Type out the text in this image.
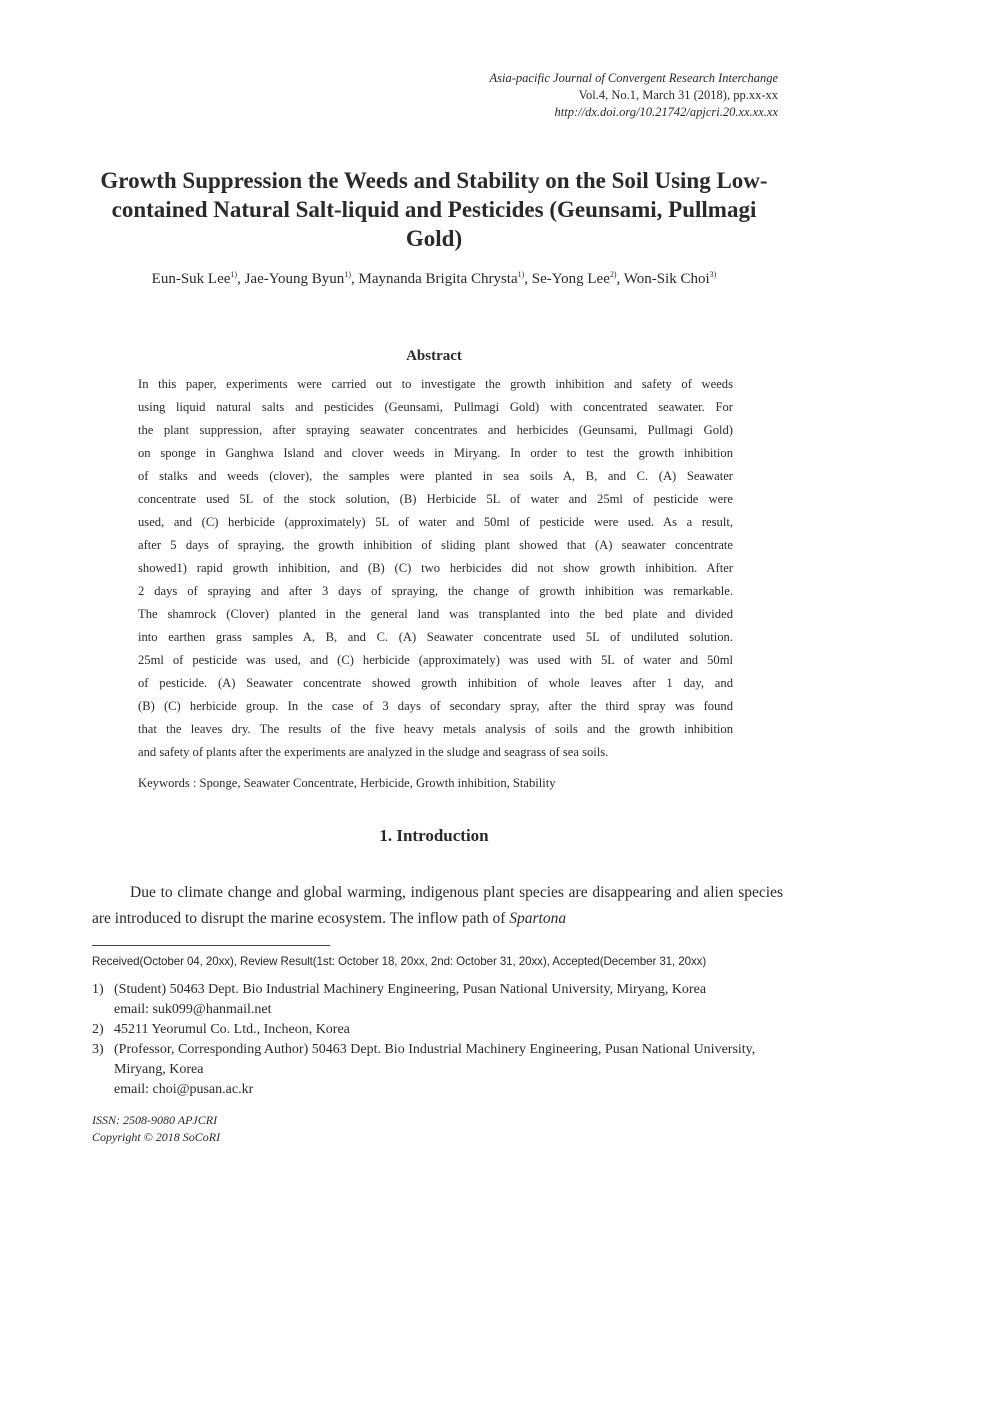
Asia-pacific Journal of Convergent Research Interchange
Vol.4, No.1, March 31 (2018), pp.xx-xx
http://dx.doi.org/10.21742/apjcri.20.xx.xx.xx
Growth Suppression the Weeds and Stability on the Soil Using Low-contained Natural Salt-liquid and Pesticides (Geunsami, Pullmagi Gold)
Eun-Suk Lee$^{1)}$, Jae-Young Byun$^{1)}$, Maynanda Brigita Chrysta$^{1)}$, Se-Yong Lee$^{2)}$, Won-Sik Choi$^{3)}$
Abstract
In this paper, experiments were carried out to investigate the growth inhibition and safety of weeds
using liquid natural salts and pesticides (Geunsami, Pullmagi Gold) with concentrated seawater. For
the plant suppression, after spraying seawater concentrates and herbicides (Geunsami, Pullmagi Gold)
on sponge in Ganghwa Island and clover weeds in Miryang. In order to test the growth inhibition
of stalks and weeds (clover), the samples were planted in sea soils A, B, and C. (A) Seawater
concentrate used 5L of the stock solution, (B) Herbicide 5L of water and 25ml of pesticide were
used, and (C) herbicide (approximately) 5L of water and 50ml of pesticide were used. As a result,
after 5 days of spraying, the growth inhibition of sliding plant showed that (A) seawater concentrate
showed1) rapid growth inhibition, and (B) (C) two herbicides did not show growth inhibition. After
2 days of spraying and after 3 days of spraying, the change of growth inhibition was remarkable.
The shamrock (Clover) planted in the general land was transplanted into the bed plate and divided
into earthen grass samples A, B, and C. (A) Seawater concentrate used 5L of undiluted solution.
25ml of pesticide was used, and (C) herbicide (approximately) was used with 5L of water and 50ml
of pesticide. (A) Seawater concentrate showed growth inhibition of whole leaves after 1 day, and
(B) (C) herbicide group. In the case of 3 days of secondary spray, after the third spray was found
that the leaves dry. The results of the five heavy metals analysis of soils and the growth inhibition
and safety of plants after the experiments are analyzed in the sludge and seagrass of sea soils.
Keywords : Sponge, Seawater Concentrate, Herbicide, Growth inhibition, Stability
1. Introduction

Due to climate change and global warming, indigenous plant species are disappearing and alien species are introduced to disrupt the marine ecosystem. The inflow path of Spartona

Received(October 04, 20xx), Review Result(1st: October 18, 20xx, 2nd: October 31, 20xx), Accepted(December 31, 20xx)
1) (Student) 50463 Dept. Bio Industrial Machinery Engineering, Pusan National University, Miryang, Korea
email: suk099@hanmail.net
2) 45211 Yeorumul Co. Ltd., Incheon, Korea
3) (Professor, Corresponding Author) 50463 Dept. Bio Industrial Machinery Engineering, Pusan National University, Miryang, Korea
email: choi@pusan.ac.kr
ISSN: 2508-9080 APJCRI
Copyright © 2018 SoCoRI
